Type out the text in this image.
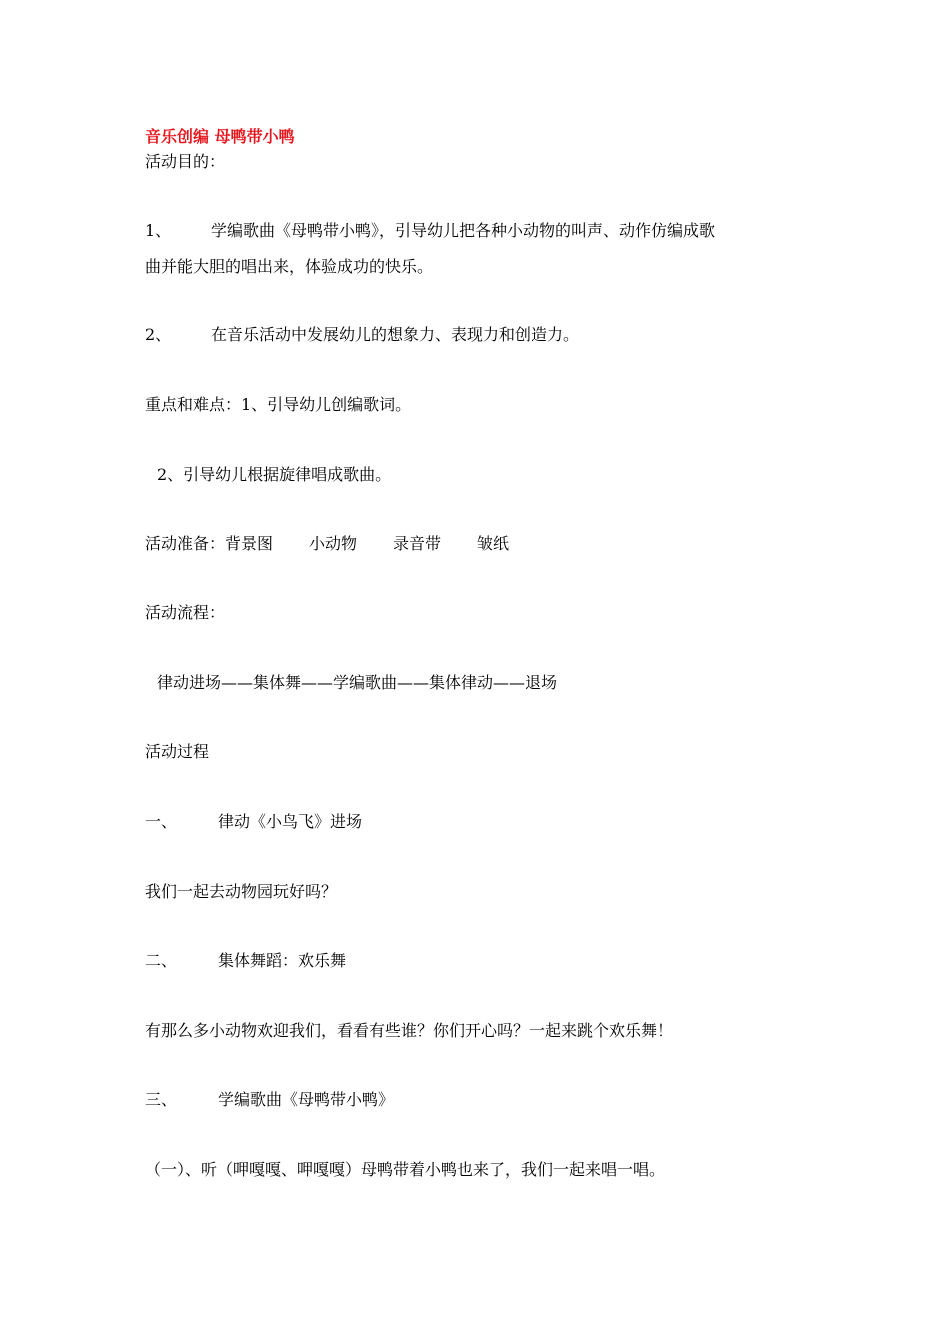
音乐创编 母鸭带小鸭
活动目的：
1、 学编歌曲《母鸭带小鸭》，引导幼儿把各种小动物的叫声、动作仿编成歌
曲并能大胆的唱出来，体验成功的快乐。
2、 在音乐活动中发展幼儿的想象力、表现力和创造力。
重点和难点：1、引导幼儿创编歌词。
2、引导幼儿根据旋律唱成歌曲。
活动准备：背景图 小动物 录音带 皱纸
活动流程：
律动进场——集体舞——学编歌曲——集体律动——退场
活动过程
一、	律动《小鸟飞》进场
我们一起去动物园玩好吗？
二、	集体舞蹈：欢乐舞
有那么多小动物欢迎我们，看看有些谁？你们开心吗？一起来跳个欢乐舞！
三、	学编歌曲《母鸭带小鸭》
（一）、听（呷嘎嘎、呷嘎嘎）母鸭带着小鸭也来了，我们一起来唱一唱。
